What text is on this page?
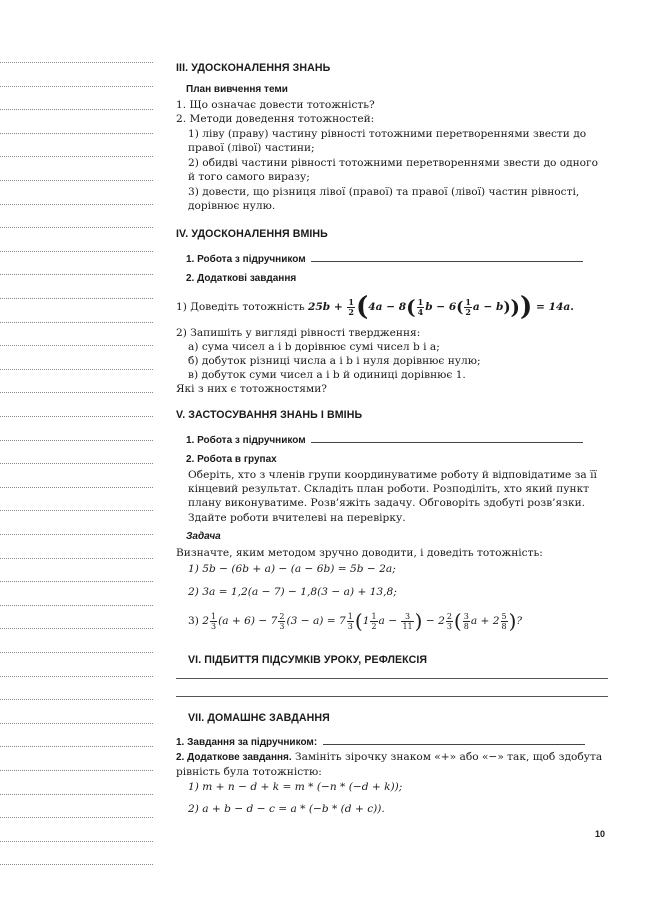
III. УДОСКОНАЛЕННЯ ЗНАНЬ

План вивчення теми

1. Що означає довести тотожність?

2. Методи доведення тотожностей:

1) ліву (праву) частину рівності тотожними перетвореннями звести до правої (лівої) частини;

2) обидві частини рівності тотожними перетвореннями звести до одного й того самого виразу;

3) довести, що різниця лівої (правої) та правої (лівої) частин рівності, дорівнює нулю.

IV. УДОСКОНАЛЕННЯ ВМІНЬ

1. Робота з підручником

2. Додаткові завдання

1) Доведіть тотожність $25b + \frac{1}{2} (4a - 8( \frac{1}{4}$ $b - 6( \frac{1}{2}$ a − b))) = 14a.

2) Запишіть у вигляді рівності твердження:

а) сума чисел a і b дорівнює сумі чисел b і a;

б) добуток різниці числа a і b і нуля дорівнює нулю;

в) добуток суми чисел a і b й одиниці дорівнює 1.

Які з них є тотожностями?

V. ЗАСТОСУВАННЯ ЗНАНЬ І ВМІНЬ

1. Робота з підручником

2. Робота в групах

Оберіть, хто з членів групи координуватиме роботу й відповідатиме за її кінцевий результат. Складіть план роботи. Розподіліть, хто який пункт плану виконуватиме. Розв’яжіть задачу. Обговоріть здобуті розв’язки. Здайте роботи вчителеві на перевірку.

Задача

Визначте, яким методом зручно доводити, і доведіть тотожність:

1) 5b − (6b + a) − (a − 6b) = 5b − 2a;

2) 3a = 1,2(a − 7) − 1,8(3 − a) + 13,8;

3) $2 \frac{1}{3} (a + 6) - 7 \frac{2}{3} (3 - a) = 7 \frac{1}{3} (1 \frac{1}{2}$ $a - \frac{3}{11}$ ) − $2 \frac{2}{3}$ ( $\frac{3}{8}$ $a + 2 \frac{5}{8}$ )?

VI. ПІДБИТТЯ ПІДСУМКІВ УРОКУ, РЕФЛЕКСІЯ

VII. ДОМАШНЄ ЗАВДАННЯ

1. Завдання за підручником:

2. Додаткове завдання. Замініть зірочку знаком «+» або «−» так, щоб здобута рівність була тотожністю:

1) m + n − d + k = m * (−n * (−d + k));

2) a + b − d − c = a * (−b * (d + c)).

10
